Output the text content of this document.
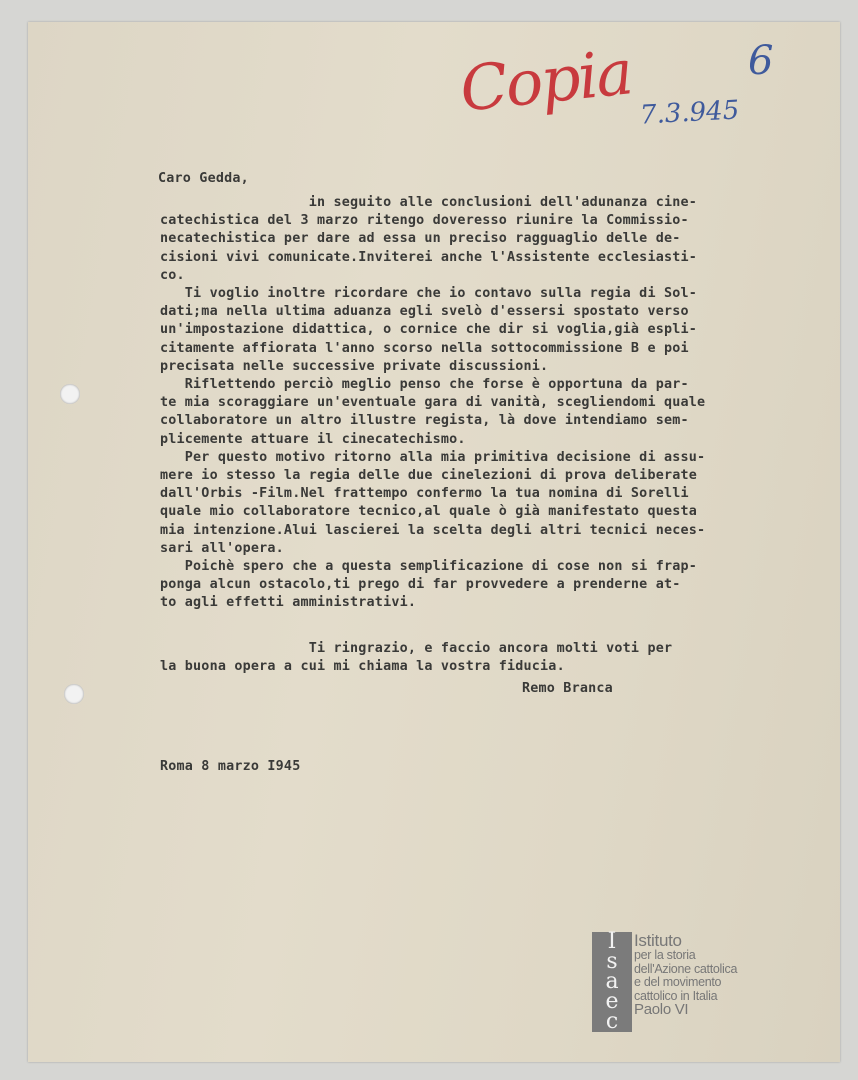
Copia 7.3.945
6
Caro Gedda,
in seguito alle conclusioni dell'adunanza cine-
catechistica del 3 marzo ritengo doveresso riunire la Commissio-
necatechistica per dare ad essa un preciso ragguaglio delle de-
cisioni vivi comunicate.Inviterei anche l'Assistente ecclesiasti-
co.
Ti voglio inoltre ricordare che io contavo sulla regia di Sol-
dati;ma nella ultima aduanza egli svelò d'essersi spostato verso
un'impostazione didattica, o cornice che dir si voglia,già espli-
citamente affiorata l'anno scorso nella sottocommissione B e poi
precisata nelle successive private discussioni.
Riflettendo perciò meglio penso che forse è opportuna da par-
te mia scoraggiare un'eventuale gara di vanità, scegliendomi quale
collaboratore un altro illustre regista, là dove intendiamo sem-
plicemente attuare il cinecatechismo.
Per questo motivo ritorno alla mia primitiva decisione di assu-
mere io stesso la regia delle due cinelezioni di prova deliberate
dall'Orbis -Film.Nel frattempo confermo la tua nomina di Sorelli
quale mio collaboratore tecnico,al quale ò già manifestato questa
mia intenzione.Alui lascierei la scelta degli altri tecnici neces-
sari all'opera.
Poichè spero che a questa semplificazione di cose non si frap-
ponga alcun ostacolo,ti prego di far provvedere a prenderne at-
to agli effetti amministrativi.
Ti ringrazio, e faccio ancora molti voti per
la buona opera a cui mi chiama la vostra fiducia.
Remo Branca
Roma 8 marzo I945
I
s
a
e
c
Istituto
per la storia
dell'Azione cattolica
e del movimento
cattolico in Italia
Paolo VI
